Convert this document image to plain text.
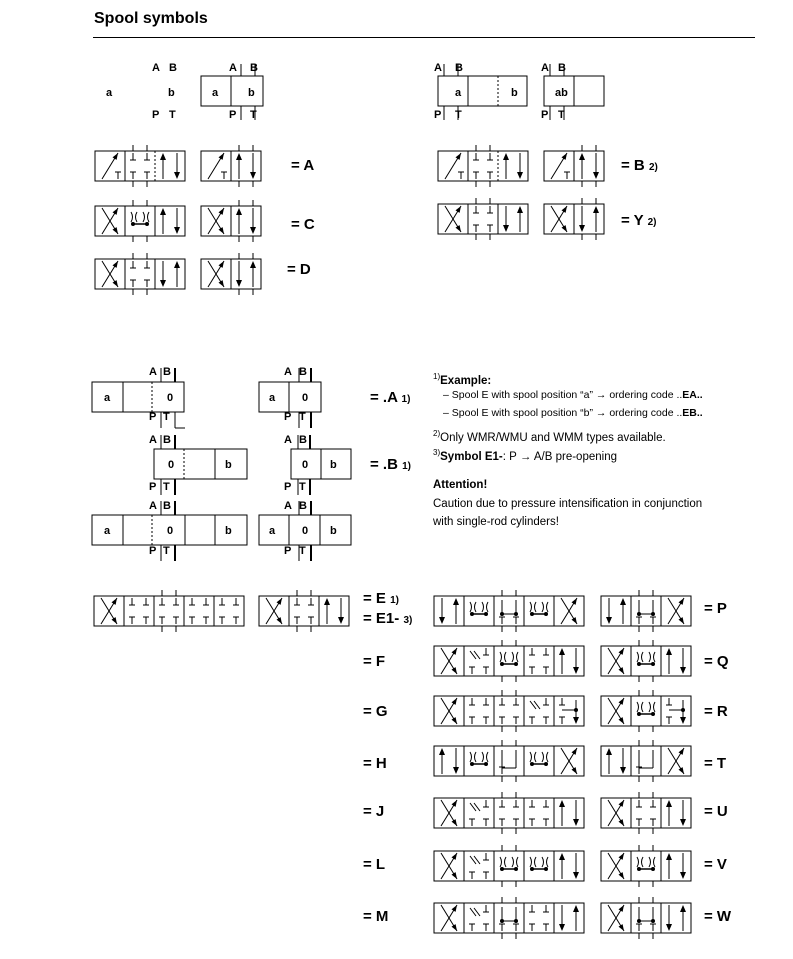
Spool symbols
A B
a	b
P T
A B
a	b
P T
A B
a	b
P T
A B
ab
P T
= A
= C
= D
= B 2)
= Y 2)
A B
a	0
P T
A B
a 0
P T
= .A 1)
A B
0	b
P T
A B
0 b
P T
= .B 1)
A B
a	0	b
P T
A B
a 0 b
P T
$^{1)}$Example:
– Spool E with spool position “a” → ordering code ..EA..
– Spool E with spool position “b” → ordering code ..EB..
$^{2)}$Only WMR/WMU and WMM types available.
$^{3)}$Symbol E1-: P → A/B pre-opening
Attention!
Caution due to pressure intensification in conjunction
with single-rod cylinders!
= E 1)
= E1- 3)
= F
= G
= H
= J
= L
= M
= P
= Q
= R
= T
= U
= V
= W
